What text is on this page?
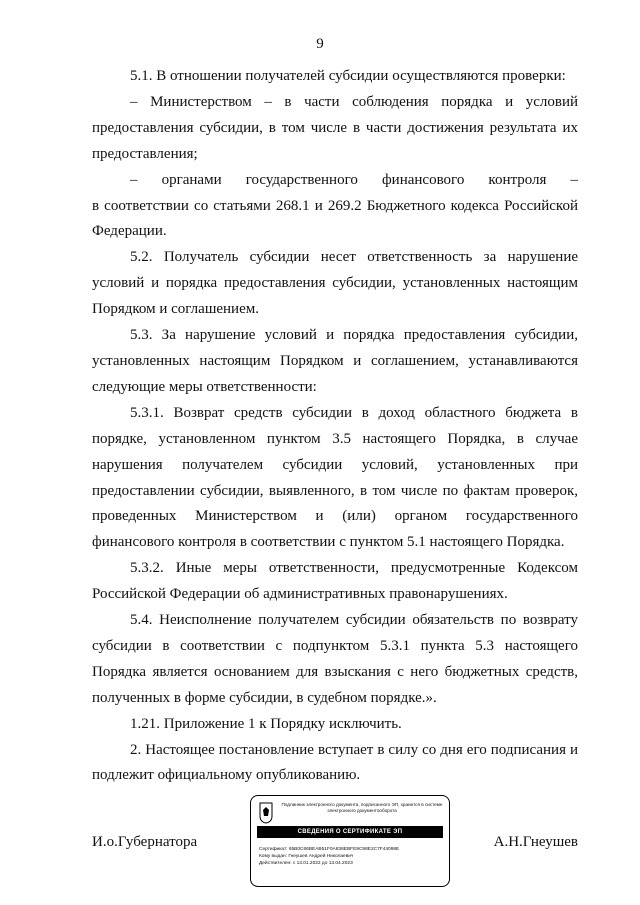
9

5.1. В отношении получателей субсидии осуществляются проверки:

– Министерством – в части соблюдения порядка и условий предоставления субсидии, в том числе в части достижения результата их предоставления;

– органами государственного финансового контроля –

в соответствии со статьями 268.1 и 269.2 Бюджетного кодекса Российской Федерации.

5.2. Получатель субсидии несет ответственность за нарушение условий и порядка предоставления субсидии, установленных настоящим Порядком и соглашением.

5.3. За нарушение условий и порядка предоставления субсидии, установленных настоящим Порядком и соглашением, устанавливаются следующие меры ответственности:

5.3.1. Возврат средств субсидии в доход областного бюджета в порядке, установленном пунктом 3.5 настоящего Порядка, в случае нарушения получателем субсидии условий, установленных при предоставлении субсидии, выявленного, в том числе по фактам проверок, проведенных Министерством и (или) органом государственного финансового контроля в соответствии с пунктом 5.1 настоящего Порядка.

5.3.2. Иные меры ответственности, предусмотренные Кодексом Российской Федерации об административных правонарушениях.

5.4. Неисполнение получателем субсидии обязательств по возврату субсидии в соответствии с подпунктом 5.3.1 пункта 5.3 настоящего Порядка является основанием для взыскания с него бюджетных средств, полученных в форме субсидии, в судебном порядке.».

1.21. Приложение 1 к Порядку исключить.

2. Настоящее постановление вступает в силу со дня его подписания и подлежит официальному опубликованию.

И.о.Губернатора	А.Н.Гнеушев
Подлинник электронного документа, подписанного ЭП, хранится в системе электронного документооборота
СВЕДЕНИЯ О СЕРТИФИКАТЕ ЭП
Сертификат: 65B0C66BEAB51F0A838EBFE9C98E2C7F44098E
Кому выдан: Гнеушев Андрей Николаевич
Действителен: с 13.01.2022 до 13.04.2023
